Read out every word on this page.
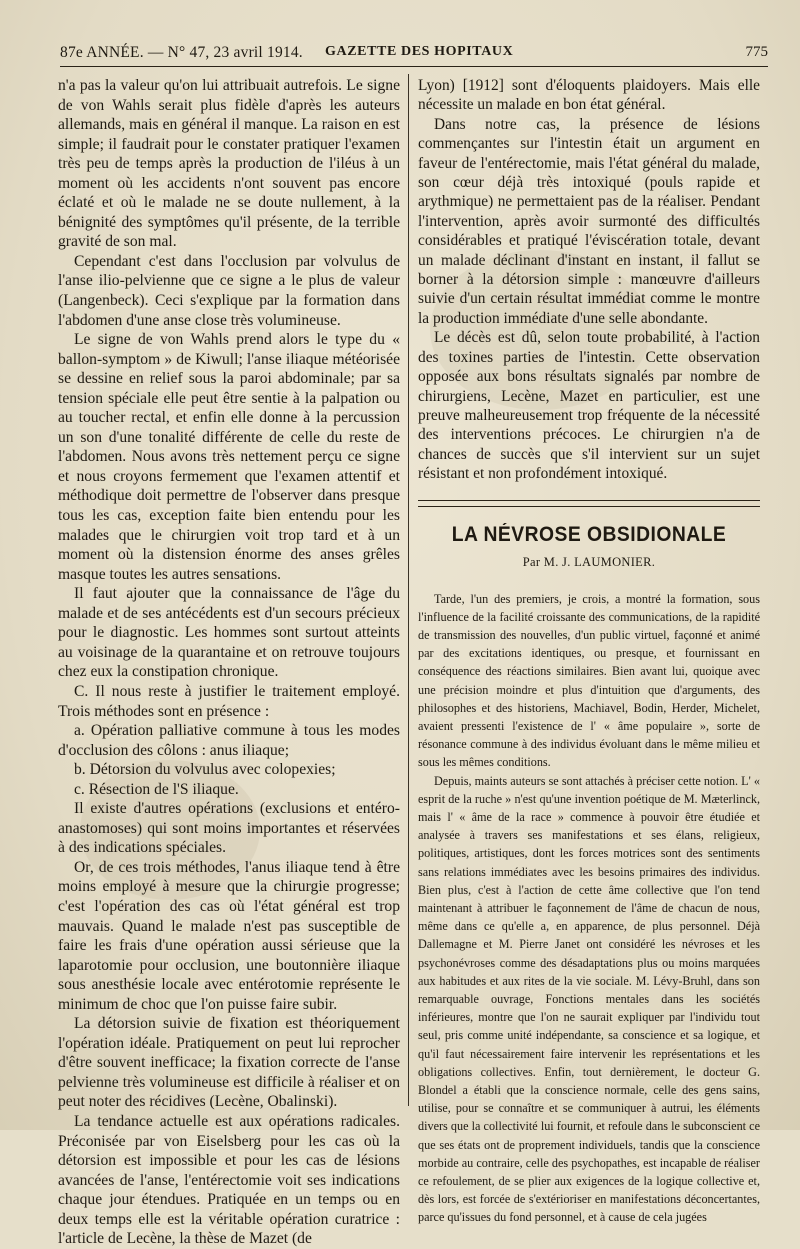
87e ANNÉE. — N° 47, 23 avril 1914. GAZETTE DES HOPITAUX	775

n'a pas la valeur qu'on lui attribuait autrefois. Le signe de von Wahls serait plus fidèle d'après les auteurs allemands, mais en général il manque. La raison en est simple; il faudrait pour le constater pratiquer l'examen très peu de temps après la production de l'iléus à un moment où les accidents n'ont souvent pas encore éclaté et où le malade ne se doute nullement, à la bénignité des symptômes qu'il présente, de la terrible gravité de son mal.

Cependant c'est dans l'occlusion par volvulus de l'anse ilio-pelvienne que ce signe a le plus de valeur (Langenbeck). Ceci s'explique par la formation dans l'abdomen d'une anse close très volumineuse.

Le signe de von Wahls prend alors le type du « ballon-symptom » de Kiwull; l'anse iliaque météorisée se dessine en relief sous la paroi abdominale; par sa tension spéciale elle peut être sentie à la palpation ou au toucher rectal, et enfin elle donne à la percussion un son d'une tonalité différente de celle du reste de l'abdomen. Nous avons très nettement perçu ce signe et nous croyons fermement que l'examen attentif et méthodique doit permettre de l'observer dans presque tous les cas, exception faite bien entendu pour les malades que le chirurgien voit trop tard et à un moment où la distension énorme des anses grêles masque toutes les autres sensations.

Il faut ajouter que la connaissance de l'âge du malade et de ses antécédents est d'un secours précieux pour le diagnostic. Les hommes sont surtout atteints au voisinage de la quarantaine et on retrouve toujours chez eux la constipation chronique.

C. Il nous reste à justifier le traitement employé. Trois méthodes sont en présence :

a. Opération palliative commune à tous les modes d'occlusion des côlons : anus iliaque;

b. Détorsion du volvulus avec colopexies;

c. Résection de l'S iliaque.

Il existe d'autres opérations (exclusions et entéro-anastomoses) qui sont moins importantes et réservées à des indications spéciales.

Or, de ces trois méthodes, l'anus iliaque tend à être moins employé à mesure que la chirurgie progresse; c'est l'opération des cas où l'état général est trop mauvais. Quand le malade n'est pas susceptible de faire les frais d'une opération aussi sérieuse que la laparotomie pour occlusion, une boutonnière iliaque sous anesthésie locale avec entérotomie représente le minimum de choc que l'on puisse faire subir.

La détorsion suivie de fixation est théoriquement l'opération idéale. Pratiquement on peut lui reprocher d'être souvent inefficace; la fixation correcte de l'anse pelvienne très volumineuse est difficile à réaliser et on peut noter des récidives (Lecène, Obalinski).

La tendance actuelle est aux opérations radicales. Préconisée par von Eiselsberg pour les cas où la détorsion est impossible et pour les cas de lésions avancées de l'anse, l'entérectomie voit ses indications chaque jour étendues. Pratiquée en un temps ou en deux temps elle est la véritable opération curatrice : l'article de Lecène, la thèse de Mazet (de

Lyon) [1912] sont d'éloquents plaidoyers. Mais elle nécessite un malade en bon état général.

Dans notre cas, la présence de lésions commençantes sur l'intestin était un argument en faveur de l'entérectomie, mais l'état général du malade, son cœur déjà très intoxiqué (pouls rapide et arythmique) ne permettaient pas de la réaliser. Pendant l'intervention, après avoir surmonté des difficultés considérables et pratiqué l'éviscération totale, devant un malade déclinant d'instant en instant, il fallut se borner à la détorsion simple : manœuvre d'ailleurs suivie d'un certain résultat immédiat comme le montre la production immédiate d'une selle abondante.

Le décès est dû, selon toute probabilité, à l'action des toxines parties de l'intestin. Cette observation opposée aux bons résultats signalés par nombre de chirurgiens, Lecène, Mazet en particulier, est une preuve malheureusement trop fréquente de la nécessité des interventions précoces. Le chirurgien n'a de chances de succès que s'il intervient sur un sujet résistant et non profondément intoxiqué.

LA NÉVROSE OBSIDIONALE
Par M. J. LAUMONIER.

Tarde, l'un des premiers, je crois, a montré la formation, sous l'influence de la facilité croissante des communications, de la rapidité de transmission des nouvelles, d'un public virtuel, façonné et animé par des excitations identiques, ou presque, et fournissant en conséquence des réactions similaires. Bien avant lui, quoique avec une précision moindre et plus d'intuition que d'arguments, des philosophes et des historiens, Machiavel, Bodin, Herder, Michelet, avaient pressenti l'existence de l' « âme populaire », sorte de résonance commune à des individus évoluant dans le même milieu et sous les mêmes conditions.

Depuis, maints auteurs se sont attachés à préciser cette notion. L' « esprit de la ruche » n'est qu'une invention poétique de M. Mæterlinck, mais l' « âme de la race » commence à pouvoir être étudiée et analysée à travers ses manifestations et ses élans, religieux, politiques, artistiques, dont les forces motrices sont des sentiments sans relations immédiates avec les besoins primaires des individus. Bien plus, c'est à l'action de cette âme collective que l'on tend maintenant à attribuer le façonnement de l'âme de chacun de nous, même dans ce qu'elle a, en apparence, de plus personnel. Déjà Dallemagne et M. Pierre Janet ont considéré les névroses et les psychonévroses comme des désadaptations plus ou moins marquées aux habitudes et aux rites de la vie sociale. M. Lévy-Bruhl, dans son remarquable ouvrage, Fonctions mentales dans les sociétés inférieures, montre que l'on ne saurait expliquer par l'individu tout seul, pris comme unité indépendante, sa conscience et sa logique, et qu'il faut nécessairement faire intervenir les représentations et les obligations collectives. Enfin, tout dernièrement, le docteur G. Blondel a établi que la conscience normale, celle des gens sains, utilise, pour se connaître et se communiquer à autrui, les éléments divers que la collectivité lui fournit, et refoule dans le subconscient ce que ses états ont de proprement individuels, tandis que la conscience morbide au contraire, celle des psychopathes, est incapable de réaliser ce refoulement, de se plier aux exigences de la logique collective et, dès lors, est forcée de s'extérioriser en manifestations déconcertantes, parce qu'issues du fond personnel, et à cause de cela jugées
